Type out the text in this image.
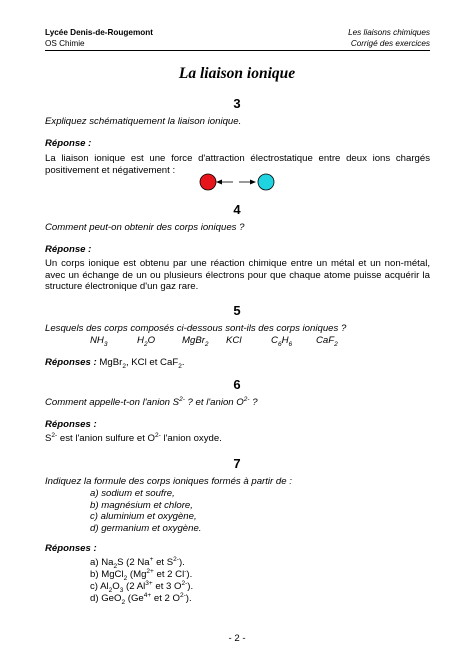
Lycée Denis-de-Rougemont
OS Chimie
Les liaisons chimiques
Corrigé des exercices
La liaison ionique
3
Expliquez schématiquement la liaison ionique.
Réponse :
La liaison ionique est une force d'attraction électrostatique entre deux ions chargés positivement et négativement :
4
Comment peut-on obtenir des corps ioniques ?
Réponse :
Un corps ionique est obtenu par une réaction chimique entre un métal et un non-métal, avec un échange de un ou plusieurs électrons pour que chaque atome puisse acquérir la structure électronique d'un gaz rare.
5
Lesquels des corps composés ci-dessous sont-ils des corps ioniques ?
$NH_3$	$H_2O$	MgBr$_2$ KCl	$C_6H_6$ CaF$_2$
Réponses : MgBr$_2$, KCl et CaF$_2$.
6
Comment appelle-t-on l'anion $S^{2-}$ ? et l'anion $O^{2-}$ ?
Réponses :
$S^{2-}$ est l'anion sulfure et $O^{2-}$ l'anion oxyde.
7
Indiquez la formule des corps ioniques formés à partir de :
a) sodium et soufre,
b) magnésium et chlore,
c) aluminium et oxygène,
d) germanium et oxygène.
Réponses :
a) $Na_2S$ (2 Na+ et $S^{2-}$).
b) MgCl$_2$ ($Mg^{2+}$ et 2 Cl-).
c) $Al_2O_3$ (2 $Al^{3+}$ et 3 $O^{2-}$).
d) GeO$_2$ ($Ge^{4+}$ et 2 $O^{2-}$).
- 2 -
